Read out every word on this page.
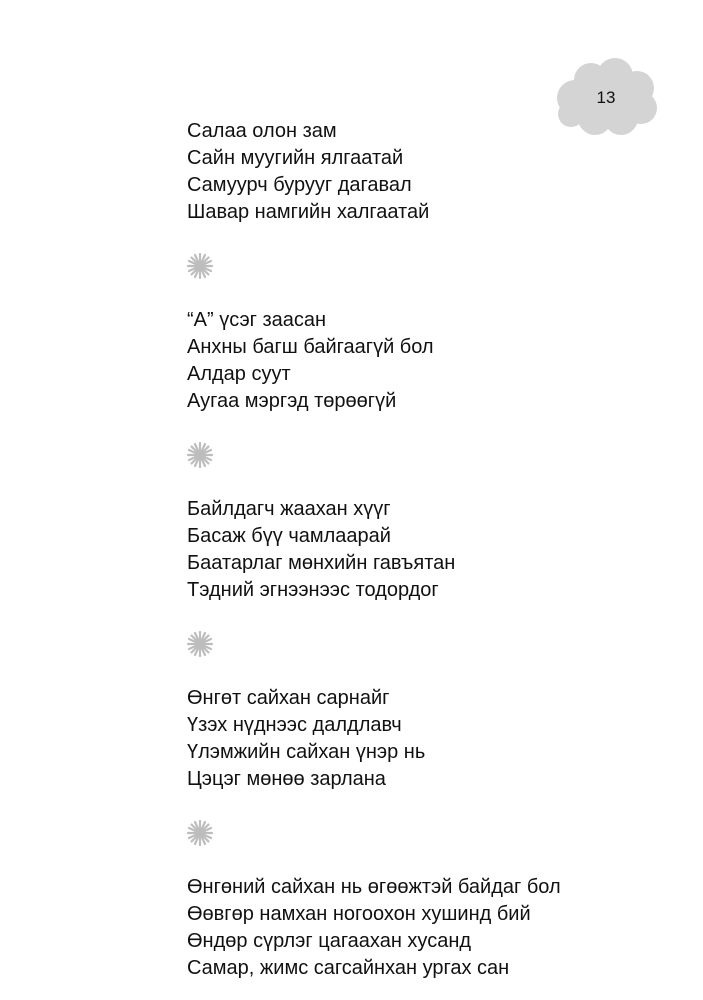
13
Салаа олон зам
Сайн муугийн ялгаатай
Самуурч бурууг дагавал
Шавар намгийн халгаатай
“А” үсэг заасан
Анхны багш байгаагүй бол
Алдар суут
Аугаа мэргэд төрөөгүй
Байлдагч жаахан хүүг
Басаж бүү чамлаарай
Баатарлаг мөнхийн гавъятан
Тэдний эгнээнээс тодордог
Өнгөт сайхан сарнайг
Үзэх нүднээс далдлавч
Үлэмжийн сайхан үнэр нь
Цэцэг мөнөө зарлана
Өнгөний сайхан нь өгөөжтэй байдаг бол
Өөвгөр намхан ногоохон хушинд бий
Өндөр сүрлэг цагаахан хусанд
Самар, жимс сагсайнхан ургах сан
